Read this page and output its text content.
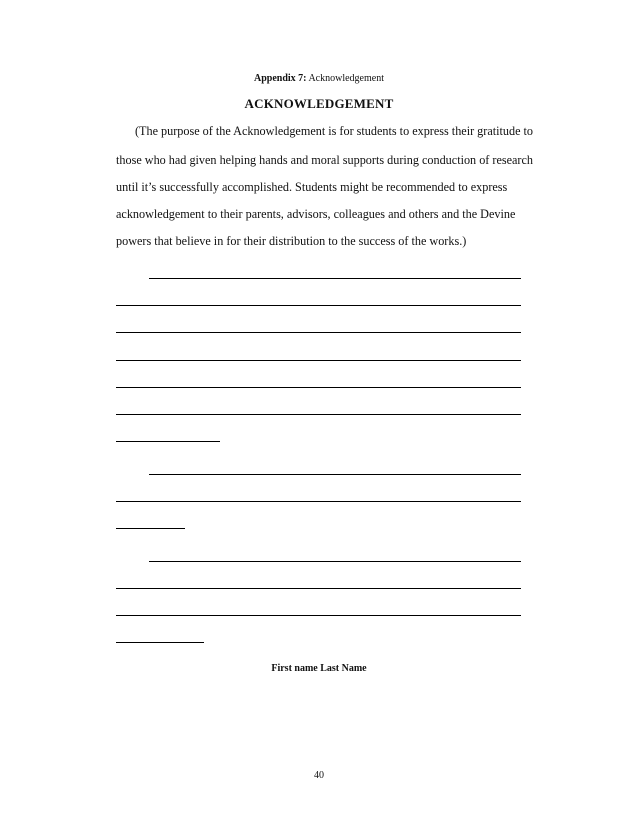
Appendix 7: Acknowledgement
ACKNOWLEDGEMENT
(The purpose of the Acknowledgement is for students to express their gratitude to
those who had given helping hands and moral supports during conduction of research
until it’s successfully accomplished. Students might be recommended to express
acknowledgement to their parents, advisors, colleagues and others and the Devine
powers that believe in for their distribution to the success of the works.)
First name Last Name
40
